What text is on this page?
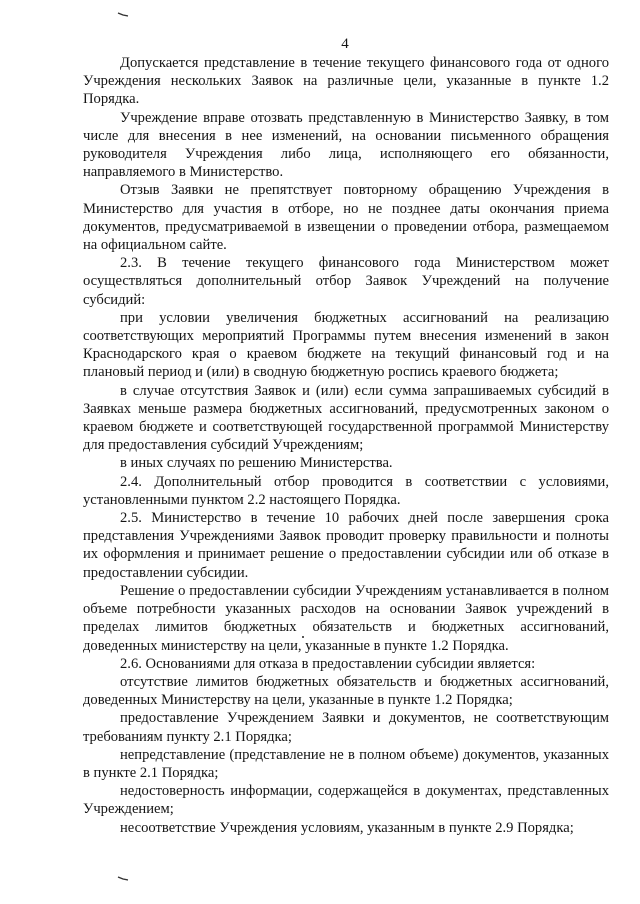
4

Допускается представление в течение текущего финансового года от одного Учреждения нескольких Заявок на различные цели, указанные в пункте 1.2 Порядка.

Учреждение вправе отозвать представленную в Министерство Заявку, в том числе для внесения в нее изменений, на основании письменного обращения руководителя Учреждения либо лица, исполняющего его обязанности, направляемого в Министерство.

Отзыв Заявки не препятствует повторному обращению Учреждения в Министерство для участия в отборе, но не позднее даты окончания приема документов, предусматриваемой в извещении о проведении отбора, размещаемом на официальном сайте.

2.3. В течение текущего финансового года Министерством может осуществляться дополнительный отбор Заявок Учреждений на получение субсидий:

при условии увеличения бюджетных ассигнований на реализацию соответствующих мероприятий Программы путем внесения изменений в закон Краснодарского края о краевом бюджете на текущий финансовый год и на плановый период и (или) в сводную бюджетную роспись краевого бюджета;

в случае отсутствия Заявок и (или) если сумма запрашиваемых субсидий в Заявках меньше размера бюджетных ассигнований, предусмотренных законом о краевом бюджете и соответствующей государственной программой Министерству для предоставления субсидий Учреждениям;

в иных случаях по решению Министерства.

2.4. Дополнительный отбор проводится в соответствии с условиями, установленными пунктом 2.2 настоящего Порядка.

2.5. Министерство в течение 10 рабочих дней после завершения срока представления Учреждениями Заявок проводит проверку правильности и полноты их оформления и принимает решение о предоставлении субсидии или об отказе в предоставлении субсидии.

Решение о предоставлении субсидии Учреждениям устанавливается в полном объеме потребности указанных расходов на основании Заявок учреждений в пределах лимитов бюджетных обязательств и бюджетных ассигнований, доведенных министерству на цели, указанные в пункте 1.2 Порядка.

2.6. Основаниями для отказа в предоставлении субсидии является:

отсутствие лимитов бюджетных обязательств и бюджетных ассигнований, доведенных Министерству на цели, указанные в пункте 1.2 Порядка;

предоставление Учреждением Заявки и документов, не соответствующим требованиям пункту 2.1 Порядка;

непредставление (представление не в полном объеме) документов, указанных в пункте 2.1 Порядка;

недостоверность информации, содержащейся в документах, представленных Учреждением;

несоответствие Учреждения условиям, указанным в пункте 2.9 Порядка;
